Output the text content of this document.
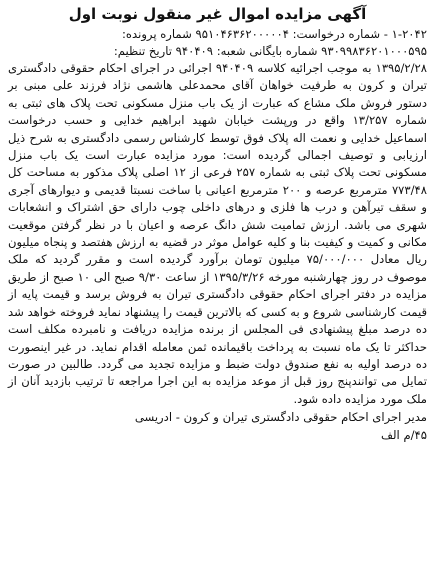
آگهی مزایده اموال غیر منقول نوبت اول
۱-۲۰۴۲ - شماره درخواست: ۹۵۱۰۴۶۳۶۲۰۰۰۰۰۴ شماره پرونده:
۹۳۰۹۹۸۳۶۲۰۱۰۰۰۵۹۵ شماره بایگانی شعبه: ۹۴۰۴۰۹ تاریخ تنظیم:

۱۳۹۵/۲/۲۸ به موجب اجرائیه کلاسه ۹۴۰۴۰۹ اجرائی در اجرای احکام حقوقی دادگستری تیران و کرون به طرفیت خواهان آقای محمدعلی هاشمی نژاد فرزند علی مبنی بر دستور فروش ملک مشاع که عبارت از یک باب منزل مسکونی تحت پلاک های ثبتی به شماره ۱۳/۲۵۷ واقع در ورپشت خیابان شهید ابراهیم خدایی و حسب درخواست اسماعیل خدایی و نعمت اله پلاک فوق توسط کارشناس رسمی دادگستری به شرح ذیل ارزیابی و توصیف اجمالی گردیده است: مورد مزایده عبارت است یک باب منزل مسکونی تحت پلاک ثبتی به شماره ۲۵۷ فرعی از ۱۲ اصلی پلاک مذکور به مساحت کل ۷۷۳/۴۸ مترمربع عرصه و ۲۰۰ مترمربع اعیانی با ساخت نسبتا قدیمی و دیوارهای آجری و سقف تیرآهن و درب ها فلزی و درهای داخلی چوب دارای حق اشتراک و انشعابات شهری می باشد. ارزش تمامیت شش دانگ عرصه و اعیان با در نظر گرفتن موقعیت مکانی و کمیت و کیفیت بنا و کلیه عوامل موثر در قضیه به ارزش هفتصد و پنجاه میلیون ریال معادل ۷۵/۰۰۰/۰۰۰ میلیون تومان برآورد گردیده است و مقرر گردید که ملک موصوف در روز چهارشنبه مورخه ۱۳۹۵/۳/۲۶ از ساعت ۹/۳۰ صبح الی ۱۰ صبح از طریق مزایده در دفتر اجرای احکام حقوقی دادگستری تیران به فروش برسد و قیمت پایه از قیمت کارشناسی شروع و به کسی که بالاترین قیمت را پیشنهاد نماید فروخته خواهد شد ده درصد مبلغ پیشنهادی فی المجلس از برنده مزایده دریافت و نامبرده مکلف است حداکثر تا یک ماه نسبت به پرداخت باقیمانده ثمن معامله اقدام نماید. در غیر اینصورت ده درصد اولیه به نفع صندوق دولت ضبط و مزایده تجدید می گردد. طالبین در صورت تمایل می توانندپنج روز قبل از موعد مزایده به این اجرا مراجعه تا ترتیب بازدید آنان از ملک مورد مزایده داده شود.

مدیر اجرای احکام حقوقی دادگستری تیران و کرون - ادریسی
۴۵/م الف
